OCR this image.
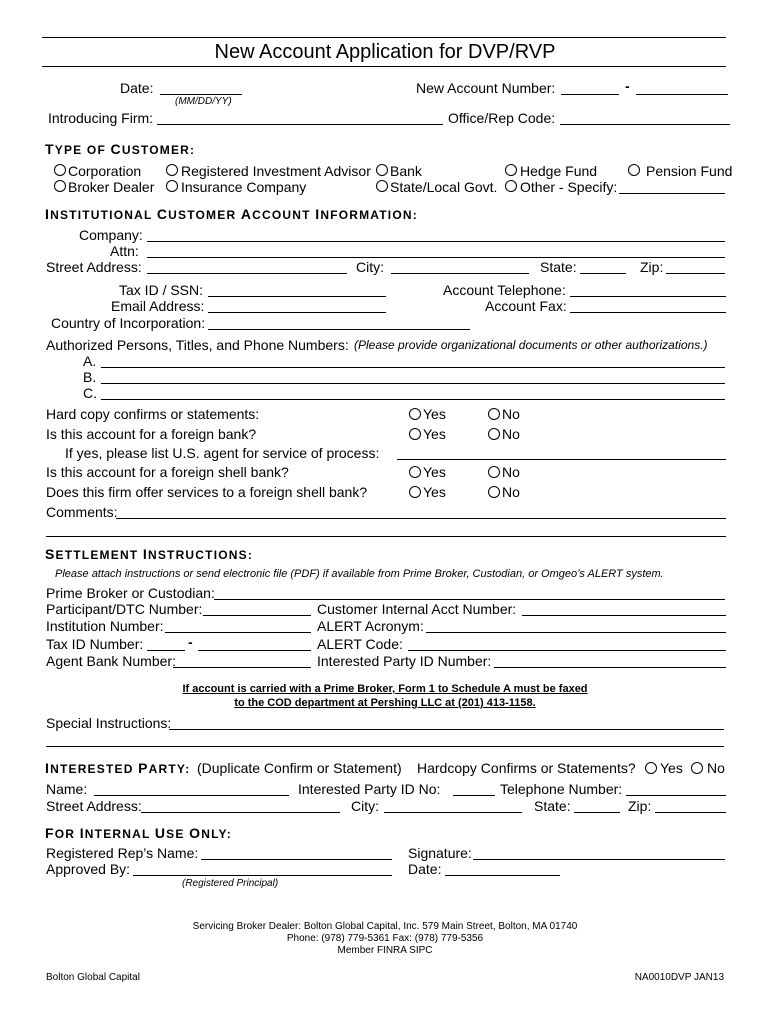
New Account Application for DVP/RVP
Date:
(MM/DD/YY)
New Account Number:	-
Introducing Firm:	Office/Rep Code:
TYPE OF CUSTOMER:
Corporation	Registered Investment Advisor Bank	Hedge Fund	Pension Fund
Broker Dealer Insurance Company	State/Local Govt. Other - Specify:
INSTITUTIONAL CUSTOMER ACCOUNT INFORMATION:
Company:
Attn:
Street Address:	City:	State:	Zip:
Tax ID / SSN:	Account Telephone:
Email Address:	Account Fax:
Country of Incorporation:
Authorized Persons, Titles, and Phone Numbers: (Please provide organizational documents or other authorizations.)
A.
B.
C.
Hard copy confirms or statements:	Yes	No
Is this account for a foreign bank?	Yes	No
If yes, please list U.S. agent for service of process:
Is this account for a foreign shell bank?	Yes	No
Does this firm offer services to a foreign shell bank?	Yes	No
Comments:
SETTLEMENT INSTRUCTIONS:
Please attach instructions or send electronic file (PDF) if available from Prime Broker, Custodian, or Omgeo’s ALERT system.
Prime Broker or Custodian:
Participant/DTC Number:	Customer Internal Acct Number:
Institution Number:	ALERT Acronym:
Tax ID Number:	-	ALERT Code:
Agent Bank Number:	Interested Party ID Number:
If account is carried with a Prime Broker, Form 1 to Schedule A must be faxed
to the COD department at Pershing LLC at (201) 413-1158.
Special Instructions:
INTERESTED PARTY: (Duplicate Confirm or Statement) Hardcopy Confirms or Statements? Yes No
Name:	Interested Party ID No:	Telephone Number:
Street Address:	City:	State:	Zip:
FOR INTERNAL USE ONLY:
Registered Rep’s Name:	Signature:
Approved By:	Date:
(Registered Principal)
Servicing Broker Dealer: Bolton Global Capital, Inc. 579 Main Street, Bolton, MA 01740
Phone: (978) 779-5361 Fax: (978) 779-5356
Member FINRA SIPC
Bolton Global Capital	NA0010DVP JAN13
